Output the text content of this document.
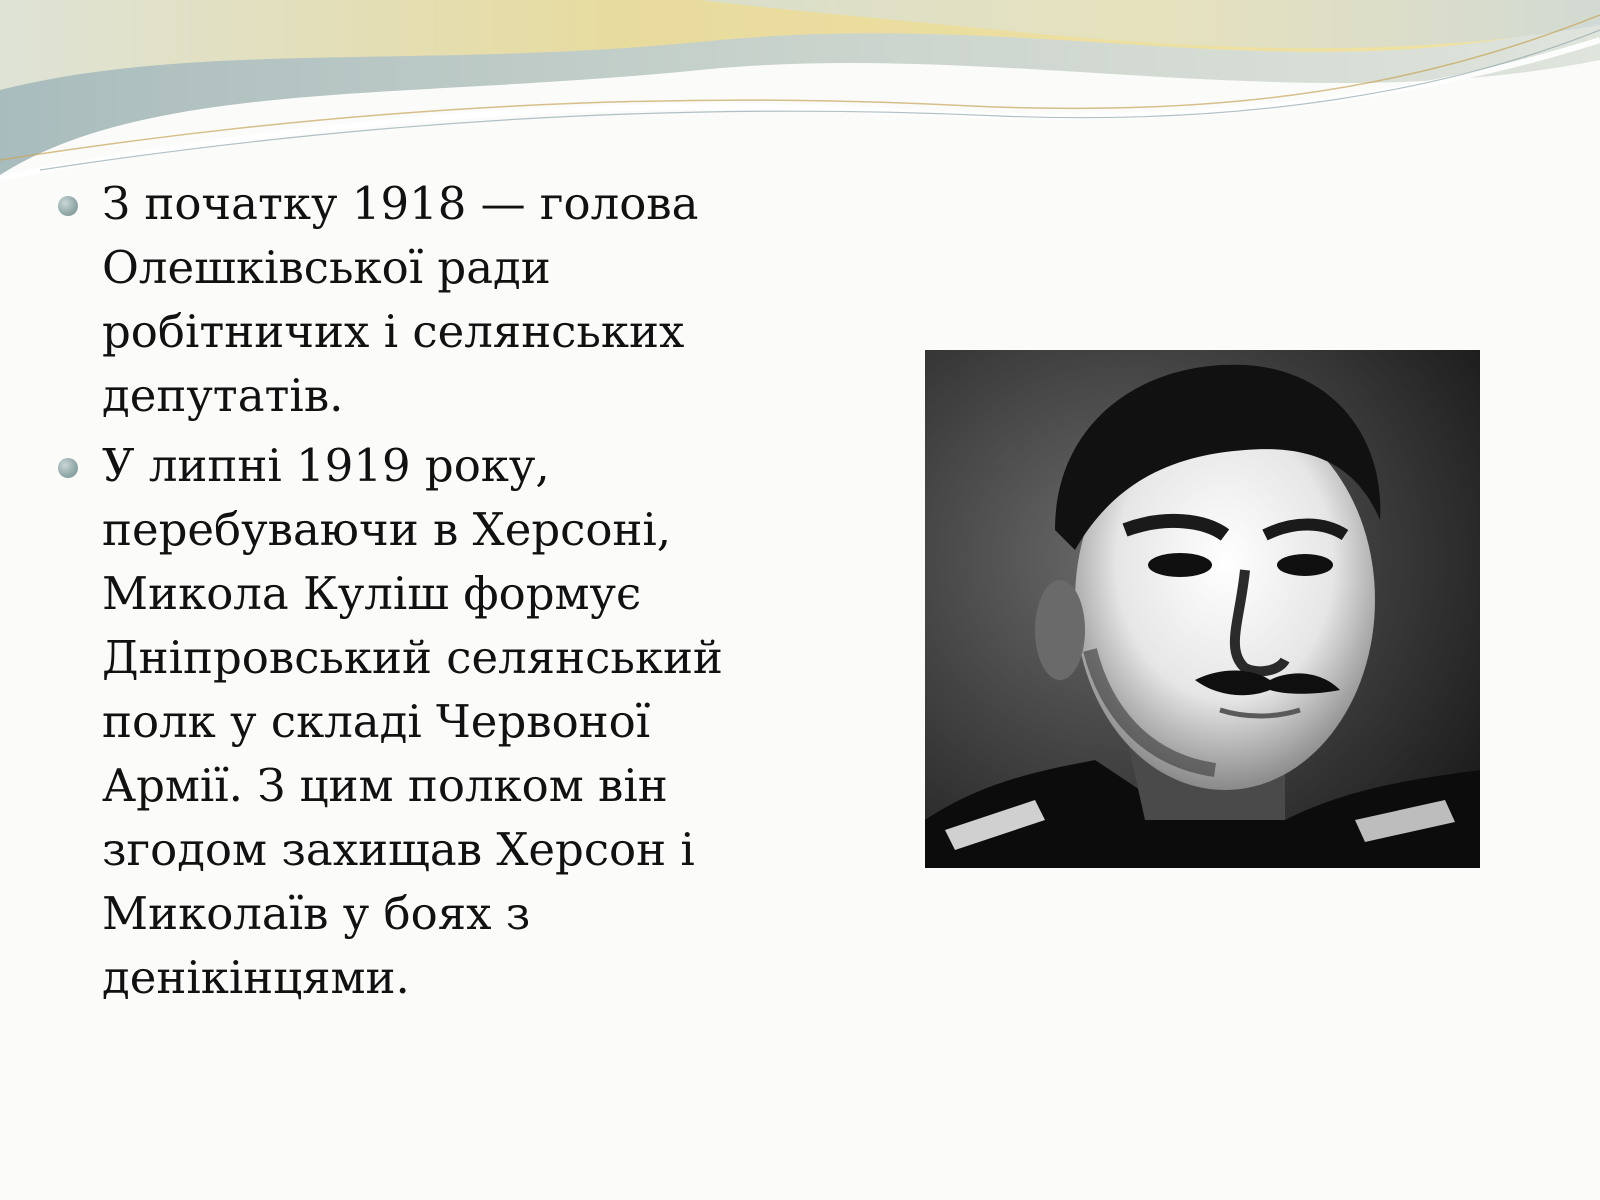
З початку 1918 — голова Олешківської ради робітничих і селянських депутатів.
У липні 1919 року, перебуваючи в Херсоні, Микола Куліш формує Дніпровський селянський полк у складі Червоної Армії. З цим полком він згодом захищав Херсон і Миколаїв у боях з денікінцями.
